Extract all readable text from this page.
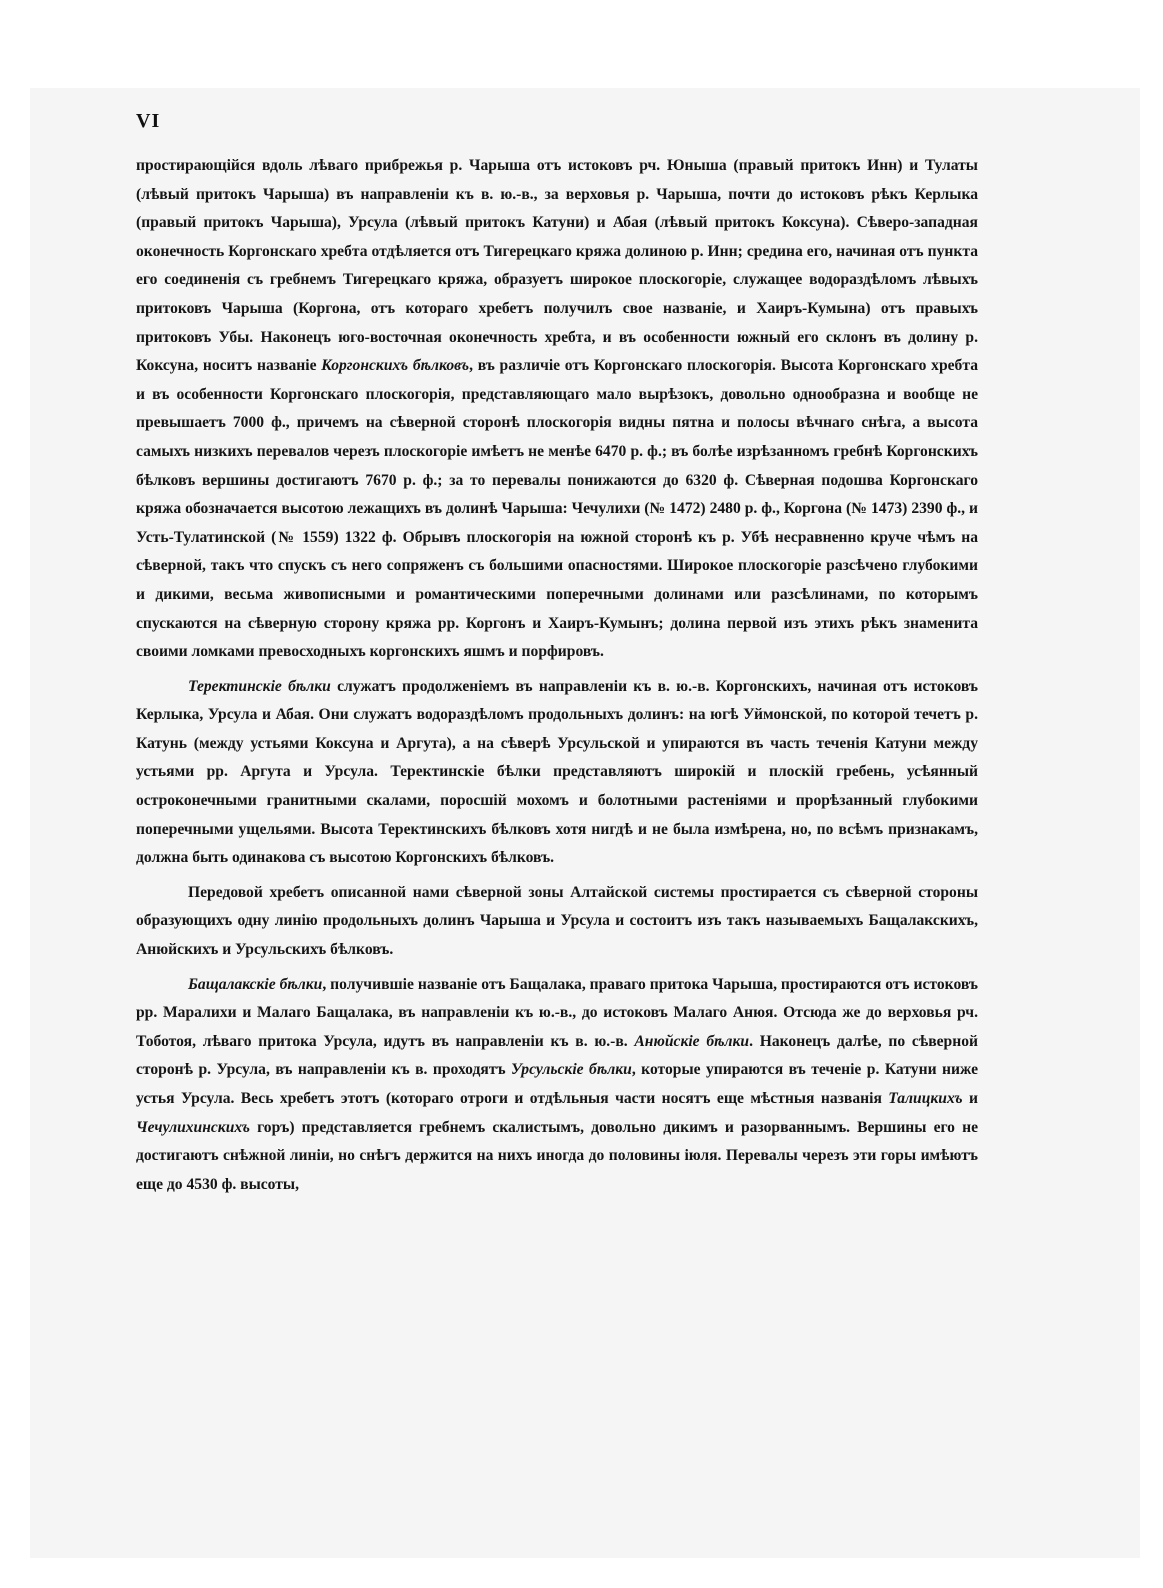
VI

простирающійся вдоль лѣваго прибрежья р. Чарыша отъ истоковъ рч. Юныша (правый притокъ Инн) и Тулаты (лѣвый притокъ Чарыша) въ направленіи къ в. ю.-в., за верховья р. Чарыша, почти до истоковъ рѣкъ Керлыка (правый притокъ Чарыша), Урсула (лѣвый притокъ Катуни) и Абая (лѣвый притокъ Коксуна). Сѣверо-западная оконечность Коргонскаго хребта отдѣляется отъ Тигерецкаго кряжа долиною р. Инн; средина его, начиная отъ пункта его соединенія съ гребнемъ Тигерецкаго кряжа, образуетъ широкое плоскогоріе, служащее водораздѣломъ лѣвыхъ притоковъ Чарыша (Коргона, отъ котораго хребетъ получилъ свое названіе, и Хаиръ-Кумына) отъ правыхъ притоковъ Убы. Наконецъ юго-восточная оконечность хребта, и въ особенности южный его склонъ въ долину р. Коксуна, носитъ названіе Коргонскихъ бѣлковъ, въ различіе отъ Коргонскаго плоскогорія. Высота Коргонскаго хребта и въ особенности Коргонскаго плоскогорія, представляющаго мало вырѣзокъ, довольно однообразна и вообще не превышаетъ 7000 ф., причемъ на сѣверной сторонѣ плоскогорія видны пятна и полосы вѣчнаго снѣга, а высота самыхъ низкихъ перевалов черезъ плоскогоріе имѣетъ не менѣе 6470 р. ф.; въ болѣе изрѣзанномъ гребнѣ Коргонскихъ бѣлковъ вершины достигаютъ 7670 р. ф.; за то перевалы понижаются до 6320 ф. Сѣверная подошва Коргонскаго кряжа обозначается высотою лежащихъ въ долинѣ Чарыша: Чечулихи (№ 1472) 2480 р. ф., Коргона (№ 1473) 2390 ф., и Усть-Тулатинской (№ 1559) 1322 ф. Обрывъ плоскогорія на южной сторонѣ къ р. Убѣ несравненно круче чѣмъ на сѣверной, такъ что спускъ съ него сопряженъ съ большими опасностями. Широкое плоскогоріе разсѣчено глубокими и дикими, весьма живописными и романтическими поперечными долинами или разсѣлинами, по которымъ спускаются на сѣверную сторону кряжа рр. Коргонъ и Хаиръ-Кумынъ; долина первой изъ этихъ рѣкъ знаменита своими ломками превосходныхъ коргонскихъ яшмъ и порфировъ.

Теректинскіе бѣлки служатъ продолженіемъ въ направленіи къ в. ю.-в. Коргонскихъ, начиная отъ истоковъ Керлыка, Урсула и Абая. Они служатъ водораздѣломъ продольныхъ долинъ: на югѣ Уймонской, по которой течетъ р. Катунь (между устьями Коксуна и Аргута), а на сѣверѣ Урсульской и упираются въ часть теченія Катуни между устьями рр. Аргута и Урсула. Теректинскіе бѣлки представляютъ широкій и плоскій гребень, усѣянный остроконечными гранитными скалами, поросшій мохомъ и болотными растеніями и прорѣзанный глубокими поперечными ущельями. Высота Теректинскихъ бѣлковъ хотя нигдѣ и не была измѣрена, но, по всѣмъ признакамъ, должна быть одинакова съ высотою Коргонскихъ бѣлковъ.

Передовой хребетъ описанной нами сѣверной зоны Алтайской системы простирается съ сѣверной стороны образующихъ одну линію продольныхъ долинъ Чарыша и Урсула и состоитъ изъ такъ называемыхъ Бащалакскихъ, Анюйскихъ и Урсульскихъ бѣлковъ.

Бащалакскіе бѣлки, получившіе названіе отъ Бащалака, праваго притока Чарыша, простираются отъ истоковъ рр. Маралихи и Малаго Бащалака, въ направленіи къ ю.-в., до истоковъ Малаго Анюя. Отсюда же до верховья рч. Тоботоя, лѣваго притока Урсула, идутъ въ направленіи къ в. ю.-в. Анюйскіе бѣлки. Наконецъ далѣе, по сѣверной сторонѣ р. Урсула, въ направленіи къ в. проходятъ Урсульскіе бѣлки, которые упираются въ теченіе р. Катуни ниже устья Урсула. Весь хребетъ этотъ (котораго отроги и отдѣльныя части носятъ еще мѣстныя названія Талицкихъ и Чечулихинскихъ горъ) представляется гребнемъ скалистымъ, довольно дикимъ и разорваннымъ. Вершины его не достигаютъ снѣжной линіи, но снѣгъ держится на нихъ иногда до половины іюля. Перевалы черезъ эти горы имѣютъ еще до 4530 ф. высоты,
